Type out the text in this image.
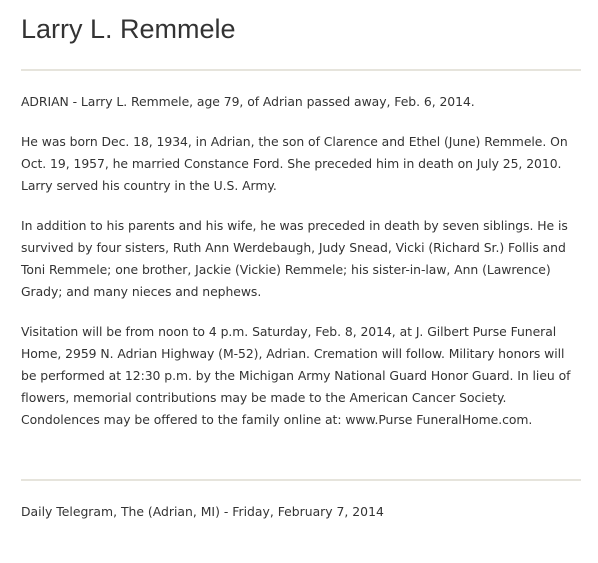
Larry L. Remmele

ADRIAN - Larry L. Remmele, age 79, of Adrian passed away, Feb. 6, 2014.

He was born Dec. 18, 1934, in Adrian, the son of Clarence and Ethel (June) Remmele. On Oct. 19, 1957, he married Constance Ford. She preceded him in death on July 25, 2010. Larry served his country in the U.S. Army.

In addition to his parents and his wife, he was preceded in death by seven siblings. He is survived by four sisters, Ruth Ann Werdebaugh, Judy Snead, Vicki (Richard Sr.) Follis and Toni Remmele; one brother, Jackie (Vickie) Remmele; his sister-in-law, Ann (Lawrence) Grady; and many nieces and nephews.

Visitation will be from noon to 4 p.m. Saturday, Feb. 8, 2014, at J. Gilbert Purse Funeral Home, 2959 N. Adrian Highway (M-52), Adrian. Cremation will follow. Military honors will be performed at 12:30 p.m. by the Michigan Army National Guard Honor Guard. In lieu of flowers, memorial contributions may be made to the American Cancer Society. Condolences may be offered to the family online at: www.Purse FuneralHome.com.

Daily Telegram, The (Adrian, MI) - Friday, February 7, 2014
